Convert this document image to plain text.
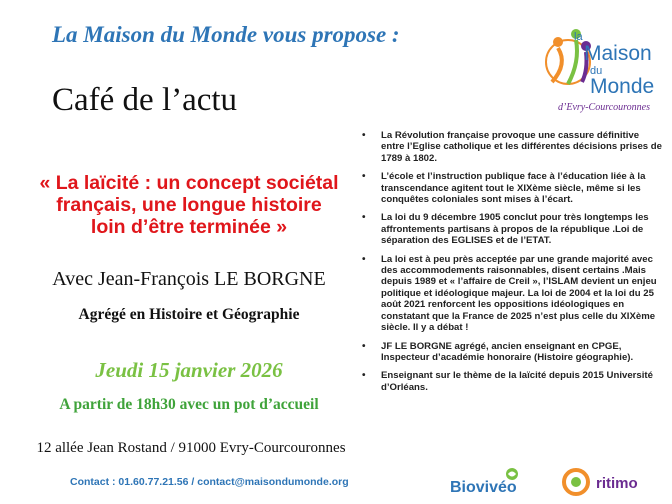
La Maison du Monde vous propose :
Café de l’actu
la
Maison
du
Monde
d’Evry-Courcouronnes
« La laïcité : un concept sociétal
français, une longue histoire
loin d’être terminée »
Avec Jean-François LE BORGNE
Agrégé en Histoire et Géographie
Jeudi 15 janvier 2026
A partir de 18h30 avec un pot d’accueil
12 allée Jean Rostand / 91000 Evry-Courcouronnes
Contact : 01.60.77.21.56 / contact@maisondumonde.org
• La Révolution française provoque une cassure définitive entre l’Eglise catholique et les différentes décisions prises de 1789 à 1802.
• L’école et l’instruction publique face à l’éducation liée à la transcendance agitent tout le XIXème siècle, même si les conquêtes coloniales sont mises à l’écart.
• La loi du 9 décembre 1905 conclut pour très longtemps les affrontements partisans à propos de la république .Loi de séparation des EGLISES et de l’ETAT.
• La loi est à peu près acceptée par une grande majorité avec des accommodements raisonnables, disent certains .Mais depuis 1989 et « l’affaire de Creil », l’ISLAM devient un enjeu politique et idéologique majeur. La loi de 2004 et la loi du 25 août 2021 renforcent les oppositions idéologiques en constatant que la France de 2025 n’est plus celle du XIXème siècle. Il y a débat !
• JF LE BORGNE agrégé, ancien enseignant en CPGE, Inspecteur d’académie honoraire (Histoire géographie).
• Enseignant sur le thème de la laïcité depuis 2015 Université d’Orléans.
Biovivéo	ritimo
